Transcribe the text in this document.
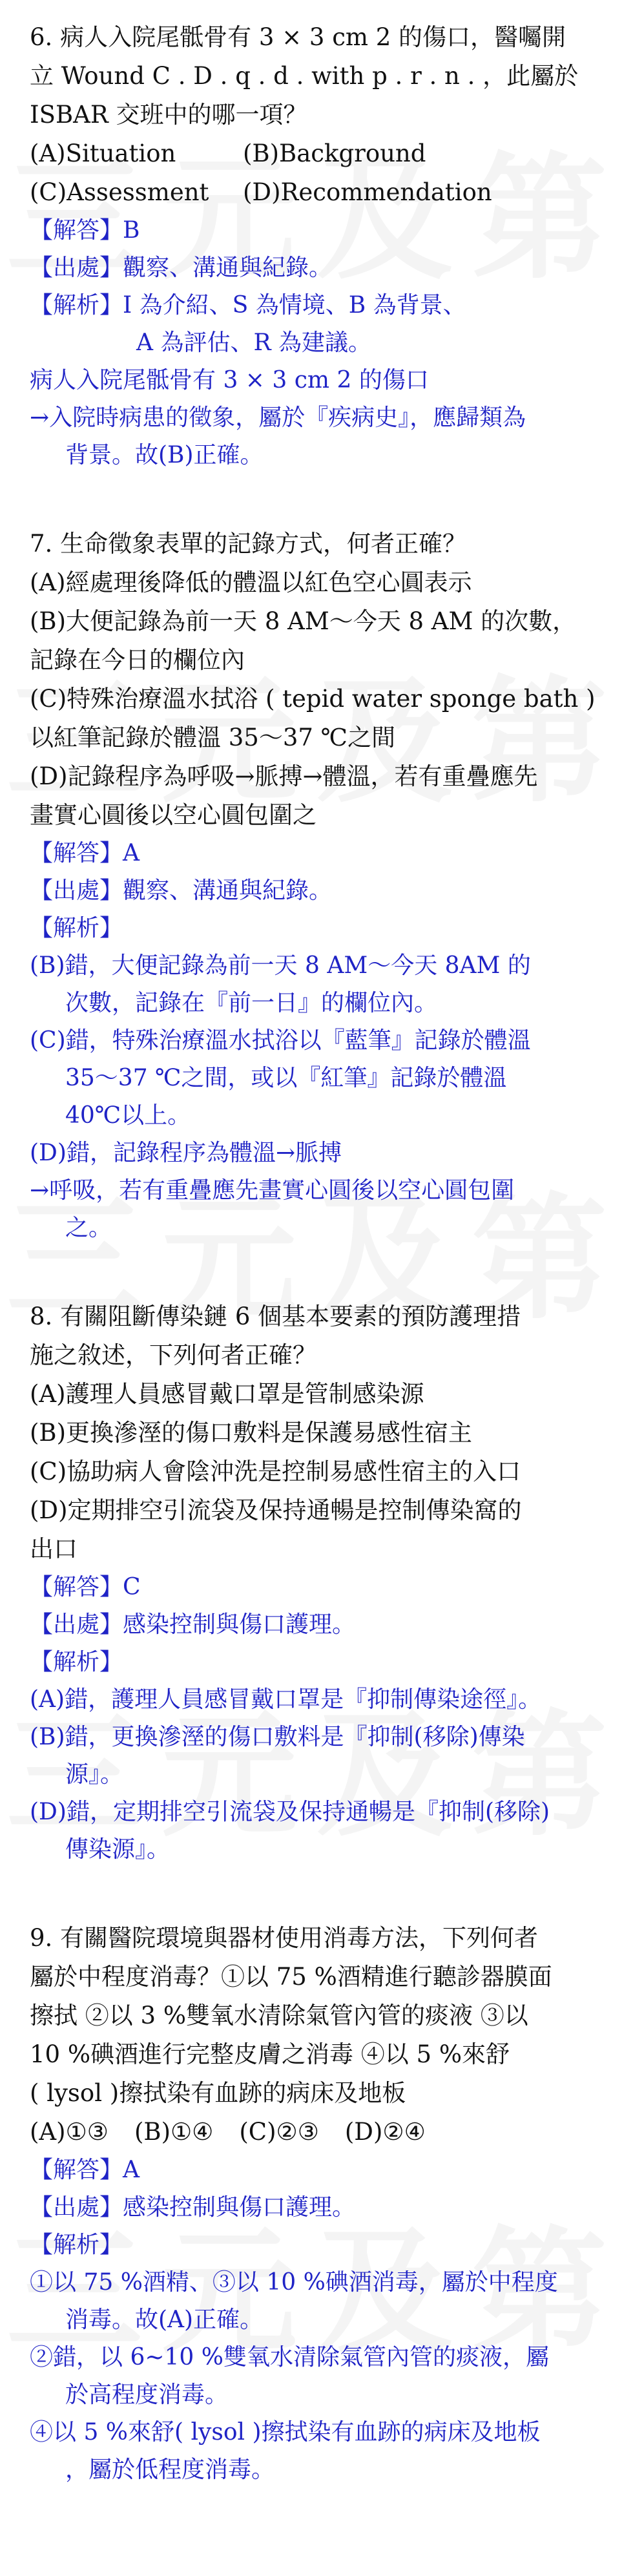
6. 病人入院尾骶骨有 3 × 3 cm 2 的傷口，醫囑開
立 Wound C . D . q . d . with p . r . n . ，此屬於
ISBAR 交班中的哪一項？
(A)Situation	(B)Background
(C)Assessment	(D)Recommendation
【解答】B
【出處】觀察、溝通與紀錄。
【解析】I 為介紹、S 為情境、B 為背景、
A 為評估、R 為建議。
病人入院尾骶骨有 3 × 3 cm 2 的傷口
→入院時病患的徵象，屬於『疾病史』，應歸類為
背景。故(B)正確。
7. 生命徵象表單的記錄方式，何者正確？
(A)經處理後降低的體溫以紅色空心圓表示
(B)大便記錄為前一天 8 AM～今天 8 AM 的次數，
記錄在今日的欄位內
(C)特殊治療溫水拭浴 ( tepid water sponge bath )
以紅筆記錄於體溫 35～37 ℃之間
(D)記錄程序為呼吸→脈搏→體溫，若有重疊應先
畫實心圓後以空心圓包圍之
【解答】A
【出處】觀察、溝通與紀錄。
【解析】
(B)錯，大便記錄為前一天 8 AM～今天 8AM 的
次數，記錄在『前一日』的欄位內。
(C)錯，特殊治療溫水拭浴以『藍筆』記錄於體溫
35～37 ℃之間，或以『紅筆』記錄於體溫
40℃以上。
(D)錯，記錄程序為體溫→脈搏
→呼吸，若有重疊應先畫實心圓後以空心圓包圍
之。
8. 有關阻斷傳染鏈 6 個基本要素的預防護理措
施之敘述，下列何者正確？
(A)護理人員感冒戴口罩是管制感染源
(B)更換滲溼的傷口敷料是保護易感性宿主
(C)協助病人會陰沖洗是控制易感性宿主的入口
(D)定期排空引流袋及保持通暢是控制傳染窩的
出口
【解答】C
【出處】感染控制與傷口護理。
【解析】
(A)錯，護理人員感冒戴口罩是『抑制傳染途徑』。
(B)錯，更換滲溼的傷口敷料是『抑制(移除)傳染
源』。
(D)錯，定期排空引流袋及保持通暢是『抑制(移除)
傳染源』。
9. 有關醫院環境與器材使用消毒方法，下列何者
屬於中程度消毒？①以 75 %酒精進行聽診器膜面
擦拭 ②以 3 %雙氧水清除氣管內管的痰液 ③以
10 %碘酒進行完整皮膚之消毒 ④以 5 %來舒
( lysol )擦拭染有血跡的病床及地板
(A)①③ (B)①④ (C)②③ (D)②④
【解答】A
【出處】感染控制與傷口護理。
【解析】
①以 75 %酒精、③以 10 %碘酒消毒，屬於中程度
消毒。故(A)正確。
②錯，以 6~10 %雙氧水清除氣管內管的痰液，屬
於高程度消毒。
④以 5 %來舒( lysol )擦拭染有血跡的病床及地板
，屬於低程度消毒。
